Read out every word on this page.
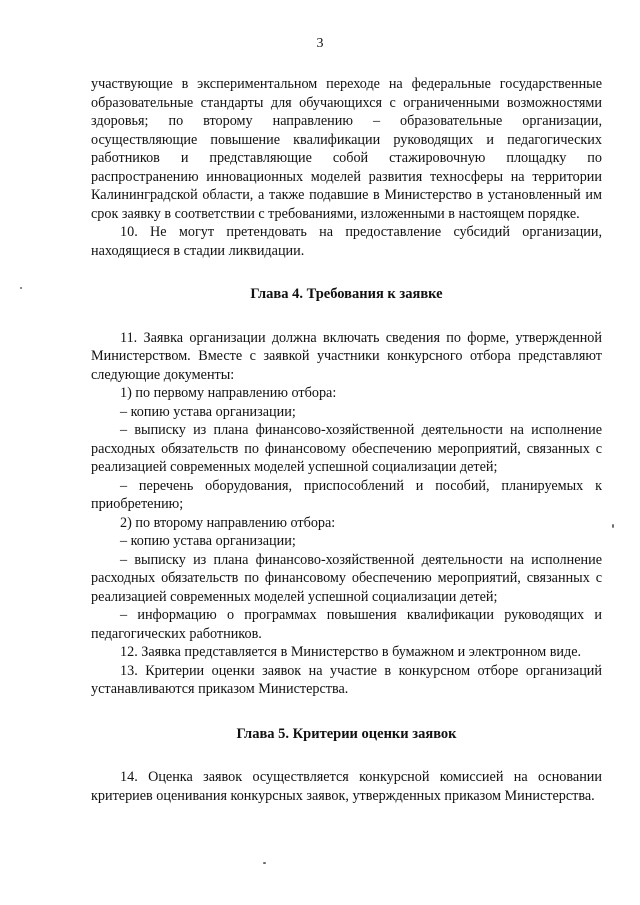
3

участвующие в экспериментальном переходе на федеральные государственные образовательные стандарты для обучающихся с ограниченными возможностями здоровья; по второму направлению – образовательные организации, осуществляющие повышение квалификации руководящих и педагогических работников и представляющие собой стажировочную площадку по распространению инновационных моделей развития техносферы на территории Калининградской области, а также подавшие в Министерство в установленный им срок заявку в соответствии с требованиями, изложенными в настоящем порядке.

10. Не могут претендовать на предоставление субсидий организации, находящиеся в стадии ликвидации.

Глава 4. Требования к заявке

11. Заявка организации должна включать сведения по форме, утвержденной Министерством. Вместе с заявкой участники конкурсного отбора представляют следующие документы:

1) по первому направлению отбора:

– копию устава организации;

– выписку из плана финансово-хозяйственной деятельности на исполнение расходных обязательств по финансовому обеспечению мероприятий, связанных с реализацией современных моделей успешной социализации детей;

– перечень оборудования, приспособлений и пособий, планируемых к приобретению;

2) по второму направлению отбора:

– копию устава организации;

– выписку из плана финансово-хозяйственной деятельности на исполнение расходных обязательств по финансовому обеспечению мероприятий, связанных с реализацией современных моделей успешной социализации детей;

– информацию о программах повышения квалификации руководящих и педагогических работников.

12. Заявка представляется в Министерство в бумажном и электронном виде.

13. Критерии оценки заявок на участие в конкурсном отборе организаций устанавливаются приказом Министерства.

Глава 5. Критерии оценки заявок

14. Оценка заявок осуществляется конкурсной комиссией на основании критериев оценивания конкурсных заявок, утвержденных приказом Министерства.
